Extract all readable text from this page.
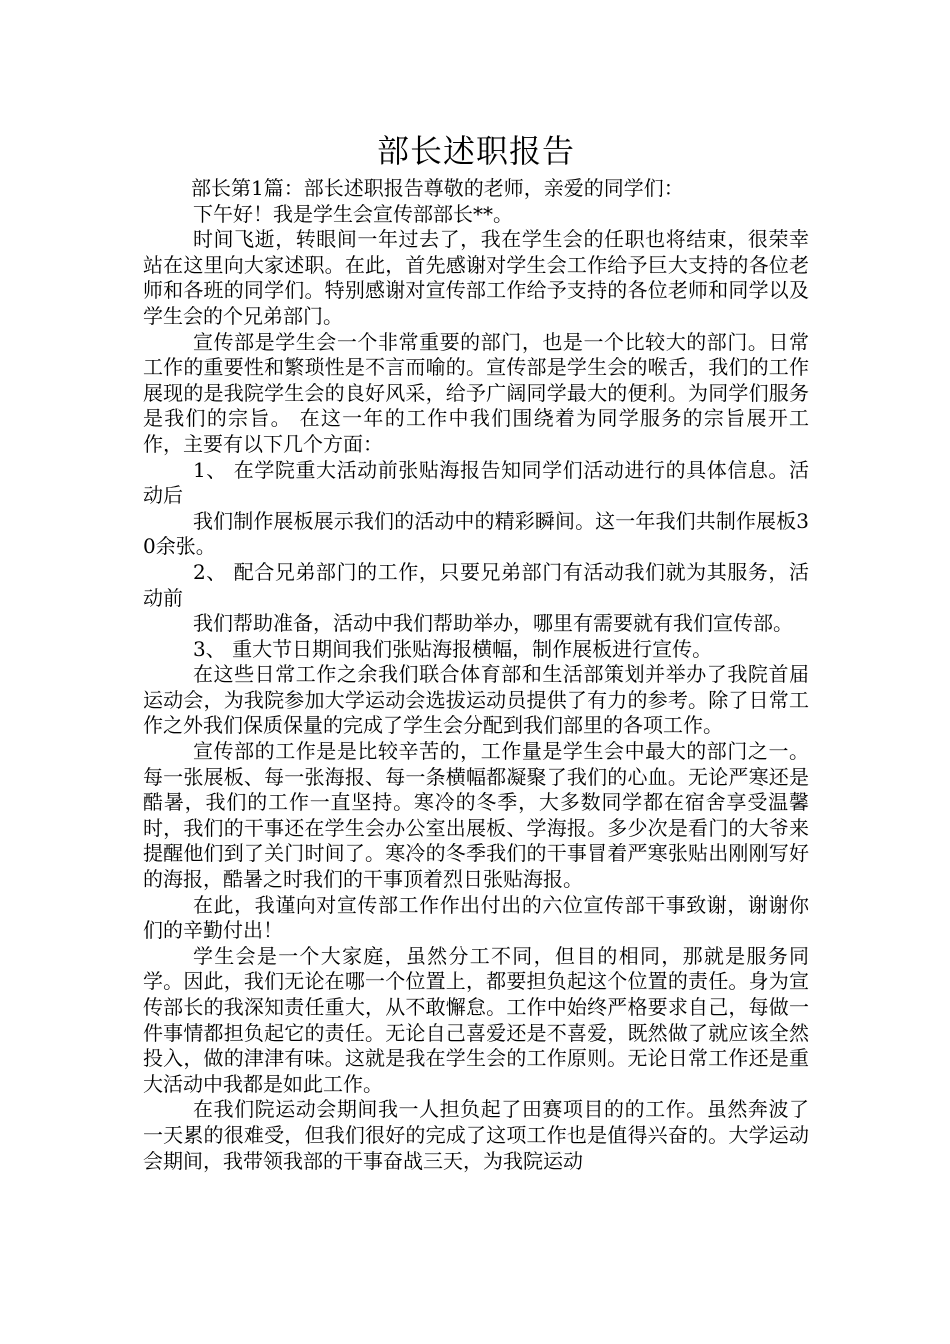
部长述职报告

部长第1篇：部长述职报告尊敬的老师，亲爱的同学们：

下午好！我是学生会宣传部部长**。

时间飞逝，转眼间一年过去了，我在学生会的任职也将结束，很荣幸站在这里向大家述职。在此，首先感谢对学生会工作给予巨大支持的各位老师和各班的同学们。特别感谢对宣传部工作给予支持的各位老师和同学以及学生会的个兄弟部门。

宣传部是学生会一个非常重要的部门，也是一个比较大的部门。日常工作的重要性和繁琐性是不言而喻的。宣传部是学生会的喉舌，我们的工作展现的是我院学生会的良好风采，给予广阔同学最大的便利。为同学们服务是我们的宗旨。 在这一年的工作中我们围绕着为同学服务的宗旨展开工作，主要有以下几个方面：

1、 在学院重大活动前张贴海报告知同学们活动进行的具体信息。活动后

我们制作展板展示我们的活动中的精彩瞬间。这一年我们共制作展板30余张。

2、 配合兄弟部门的工作，只要兄弟部门有活动我们就为其服务，活动前

我们帮助准备，活动中我们帮助举办，哪里有需要就有我们宣传部。

3、 重大节日期间我们张贴海报横幅，制作展板进行宣传。

在这些日常工作之余我们联合体育部和生活部策划并举办了我院首届运动会，为我院参加大学运动会选拔运动员提供了有力的参考。除了日常工作之外我们保质保量的完成了学生会分配到我们部里的各项工作。

宣传部的工作是是比较辛苦的，工作量是学生会中最大的部门之一。每一张展板、每一张海报、每一条横幅都凝聚了我们的心血。无论严寒还是酷暑，我们的工作一直坚持。寒冷的冬季，大多数同学都在宿舍享受温馨时，我们的干事还在学生会办公室出展板、学海报。多少次是看门的大爷来提醒他们到了关门时间了。寒冷的冬季我们的干事冒着严寒张贴出刚刚写好的海报，酷暑之时我们的干事顶着烈日张贴海报。

在此，我谨向对宣传部工作作出付出的六位宣传部干事致谢，谢谢你们的辛勤付出！

学生会是一个大家庭，虽然分工不同，但目的相同，那就是服务同学。因此，我们无论在哪一个位置上，都要担负起这个位置的责任。身为宣传部长的我深知责任重大，从不敢懈怠。工作中始终严格要求自己，每做一件事情都担负起它的责任。无论自己喜爱还是不喜爱，既然做了就应该全然投入，做的津津有味。这就是我在学生会的工作原则。无论日常工作还是重大活动中我都是如此工作。

在我们院运动会期间我一人担负起了田赛项目的的工作。虽然奔波了一天累的很难受，但我们很好的完成了这项工作也是值得兴奋的。大学运动会期间，我带领我部的干事奋战三天，为我院运动
